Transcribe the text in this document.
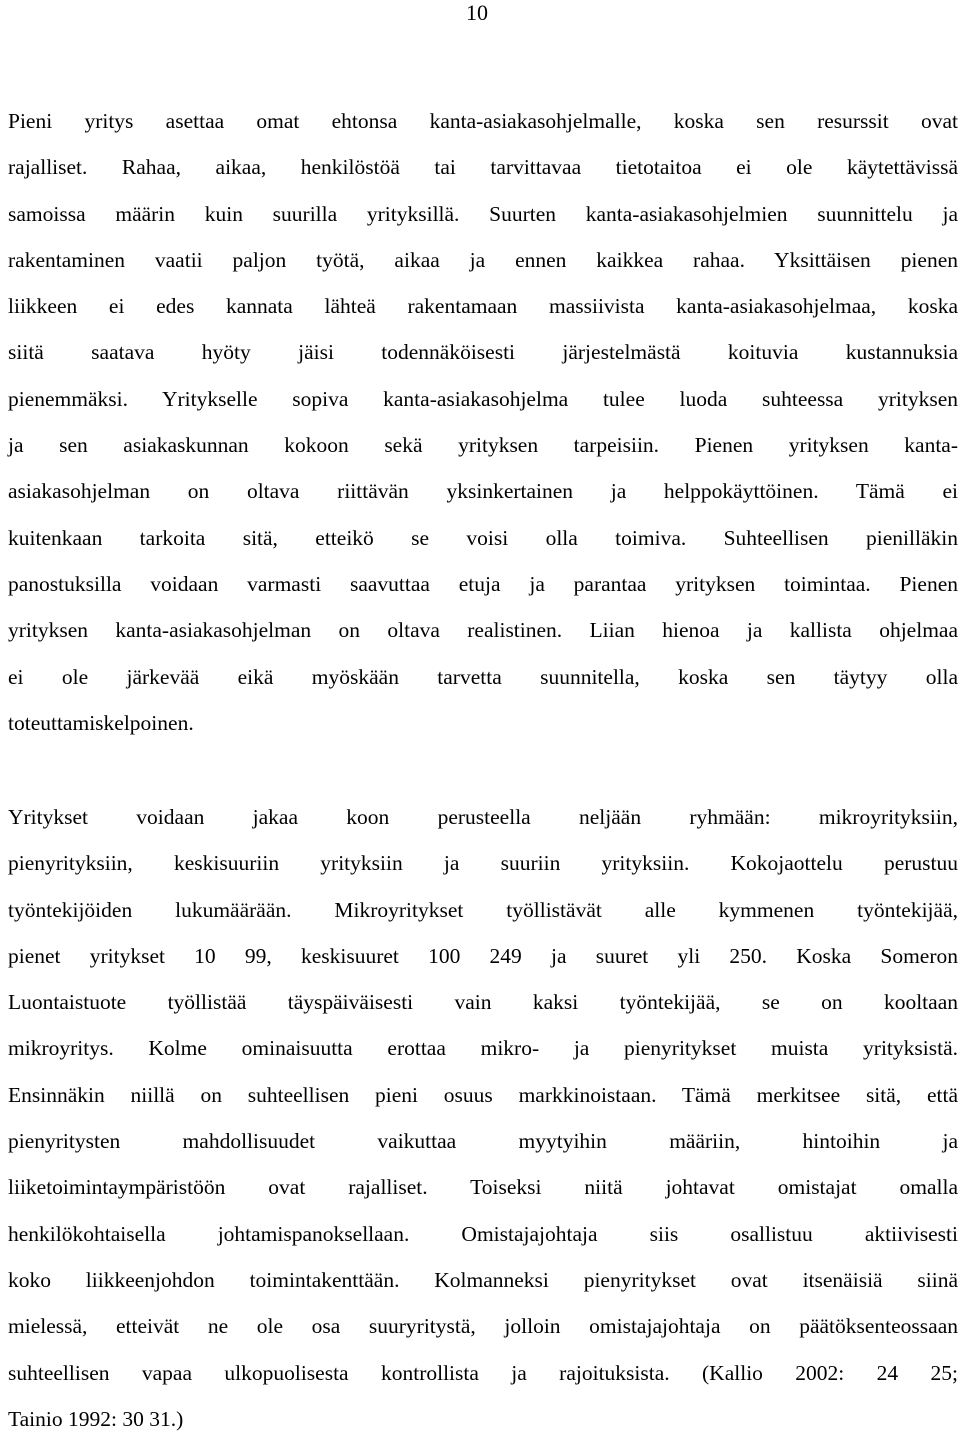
10
Pieni yritys asettaa omat ehtonsa kanta-asiakasohjelmalle, koska sen resurssit ovat
rajalliset. Rahaa, aikaa, henkilöstöä tai tarvittavaa tietotaitoa ei ole käytettävissä
samoissa määrin kuin suurilla yrityksillä. Suurten kanta-asiakasohjelmien suunnittelu ja
rakentaminen vaatii paljon työtä, aikaa ja ennen kaikkea rahaa. Yksittäisen pienen
liikkeen ei edes kannata lähteä rakentamaan massiivista kanta-asiakasohjelmaa, koska
siitä saatava hyöty jäisi todennäköisesti järjestelmästä koituvia kustannuksia
pienemmäksi. Yritykselle sopiva kanta-asiakasohjelma tulee luoda suhteessa yrityksen
ja sen asiakaskunnan kokoon sekä yrityksen tarpeisiin. Pienen yrityksen kanta-
asiakasohjelman on oltava riittävän yksinkertainen ja helppokäyttöinen. Tämä ei
kuitenkaan tarkoita sitä, etteikö se voisi olla toimiva. Suhteellisen pienilläkin
panostuksilla voidaan varmasti saavuttaa etuja ja parantaa yrityksen toimintaa. Pienen
yrityksen kanta-asiakasohjelman on oltava realistinen. Liian hienoa ja kallista ohjelmaa
ei ole järkevää eikä myöskään tarvetta suunnitella, koska sen täytyy olla
toteuttamiskelpoinen.
Yritykset voidaan jakaa koon perusteella neljään ryhmään: mikroyrityksiin,
pienyrityksiin, keskisuuriin yrityksiin ja suuriin yrityksiin. Kokojaottelu perustuu
työntekijöiden lukumäärään. Mikroyritykset työllistävät alle kymmenen työntekijää,
pienet yritykset 10 99, keskisuuret 100 249 ja suuret yli 250. Koska Someron
Luontaistuote työllistää täyspäiväisesti vain kaksi työntekijää, se on kooltaan
mikroyritys. Kolme ominaisuutta erottaa mikro- ja pienyritykset muista yrityksistä.
Ensinnäkin niillä on suhteellisen pieni osuus markkinoistaan. Tämä merkitsee sitä, että
pienyritysten mahdollisuudet vaikuttaa myytyihin määriin, hintoihin ja
liiketoimintaympäristöön ovat rajalliset. Toiseksi niitä johtavat omistajat omalla
henkilökohtaisella johtamispanoksellaan. Omistajajohtaja siis osallistuu aktiivisesti
koko liikkeenjohdon toimintakenttään. Kolmanneksi pienyritykset ovat itsenäisiä siinä
mielessä, etteivät ne ole osa suuryritystä, jolloin omistajajohtaja on päätöksenteossaan
suhteellisen vapaa ulkopuolisesta kontrollista ja rajoituksista. (Kallio 2002: 24 25;
Tainio 1992: 30 31.)
